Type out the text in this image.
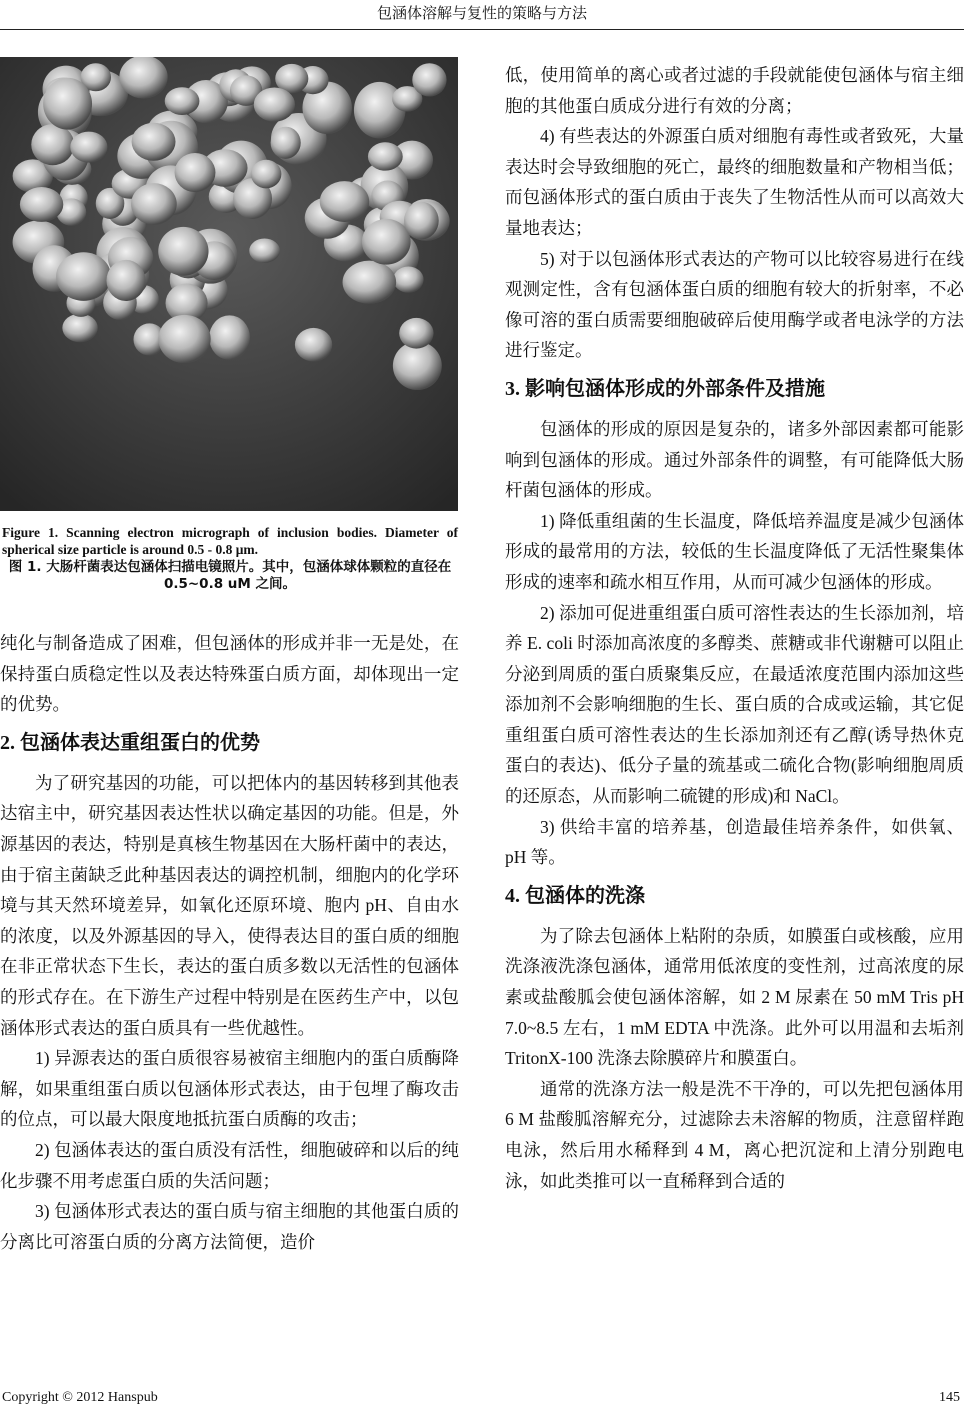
包涵体溶解与复性的策略与方法
Figure 1. Scanning electron micrograph of inclusion bodies. Diameter of spherical size particle is around 0.5 - 0.8 μm.
图 1. 大肠杆菌表达包涵体扫描电镜照片。其中，包涵体球体颗粒的直径在 0.5~0.8 uM 之间。

纯化与制备造成了困难，但包涵体的形成并非一无是处，在保持蛋白质稳定性以及表达特殊蛋白质方面，却体现出一定的优势。

2. 包涵体表达重组蛋白的优势

为了研究基因的功能，可以把体内的基因转移到其他表达宿主中，研究基因表达性状以确定基因的功能。但是，外源基因的表达，特别是真核生物基因在大肠杆菌中的表达，由于宿主菌缺乏此种基因表达的调控机制，细胞内的化学环境与其天然环境差异，如氧化还原环境、胞内 pH、自由水的浓度，以及外源基因的导入，使得表达目的蛋白质的细胞在非正常状态下生长，表达的蛋白质多数以无活性的包涵体的形式存在。在下游生产过程中特别是在医药生产中，以包涵体形式表达的蛋白质具有一些优越性。

1) 异源表达的蛋白质很容易被宿主细胞内的蛋白质酶降解，如果重组蛋白质以包涵体形式表达，由于包埋了酶攻击的位点，可以最大限度地抵抗蛋白质酶的攻击；

2) 包涵体表达的蛋白质没有活性，细胞破碎和以后的纯化步骤不用考虑蛋白质的失活问题；

3) 包涵体形式表达的蛋白质与宿主细胞的其他蛋白质的分离比可溶蛋白质的分离方法简便，造价

低，使用简单的离心或者过滤的手段就能使包涵体与宿主细胞的其他蛋白质成分进行有效的分离；

4) 有些表达的外源蛋白质对细胞有毒性或者致死，大量表达时会导致细胞的死亡，最终的细胞数量和产物相当低；而包涵体形式的蛋白质由于丧失了生物活性从而可以高效大量地表达；

5) 对于以包涵体形式表达的产物可以比较容易进行在线观测定性，含有包涵体蛋白质的细胞有较大的折射率，不必像可溶的蛋白质需要细胞破碎后使用酶学或者电泳学的方法进行鉴定。

3. 影响包涵体形成的外部条件及措施

包涵体的形成的原因是复杂的，诸多外部因素都可能影响到包涵体的形成。通过外部条件的调整，有可能降低大肠杆菌包涵体的形成。

1) 降低重组菌的生长温度，降低培养温度是减少包涵体形成的最常用的方法，较低的生长温度降低了无活性聚集体形成的速率和疏水相互作用，从而可减少包涵体的形成。

2) 添加可促进重组蛋白质可溶性表达的生长添加剂，培养 E. coli 时添加高浓度的多醇类、蔗糖或非代谢糖可以阻止分泌到周质的蛋白质聚集反应，在最适浓度范围内添加这些添加剂不会影响细胞的生长、蛋白质的合成或运输，其它促重组蛋白质可溶性表达的生长添加剂还有乙醇(诱导热休克蛋白的表达)、低分子量的巯基或二硫化合物(影响细胞周质的还原态，从而影响二硫键的形成)和 NaCl。

3) 供给丰富的培养基，创造最佳培养条件，如供氧、pH 等。

4. 包涵体的洗涤

为了除去包涵体上粘附的杂质，如膜蛋白或核酸，应用洗涤液洗涤包涵体，通常用低浓度的变性剂，过高浓度的尿素或盐酸胍会使包涵体溶解，如 2 M 尿素在 50 mM Tris pH 7.0~8.5 左右，1 mM EDTA 中洗涤。此外可以用温和去垢剂 TritonX-100 洗涤去除膜碎片和膜蛋白。

通常的洗涤方法一般是洗不干净的，可以先把包涵体用 6 M 盐酸胍溶解充分，过滤除去未溶解的物质，注意留样跑电泳，然后用水稀释到 4 M，离心把沉淀和上清分别跑电泳，如此类推可以一直稀释到合适的

Copyright © 2012 Hanspub	145
